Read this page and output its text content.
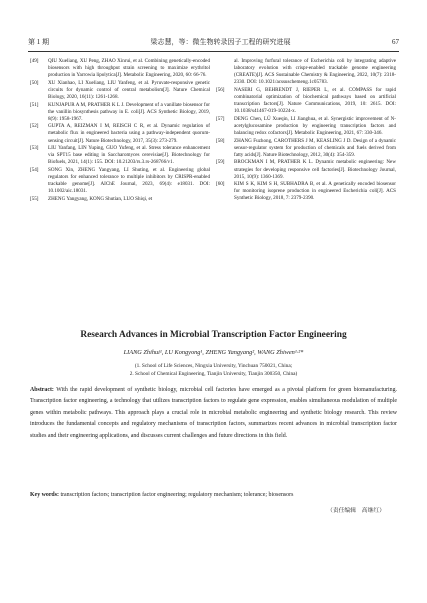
第 1 期	梁志慧，等：微生物转录因子工程的研究进展	67
[49]	QIU Xueliang, XU Peng, ZHAO Xinrui, et al. Combining genetically-encoded biosensors with high throughput strain screening to maximize erythritol production in Yarrowia lipolytica[J]. Metabolic Engineering, 2020, 60: 66-76.
[50]	XU Xianhao, LI Xueliang, LIU Yanfeng, et al. Pyruvate-responsive genetic circuits for dynamic control of central metabolism[J]. Nature Chemical Biology, 2020, 16(11): 1261-1268.
[51]	KUNJAPUR A M, PRATHER K L J. Development of a vanillate biosensor for the vanillin biosynthesis pathway in E. coli[J]. ACS Synthetic Biology, 2019, 8(9): 1958-1967.
[52]	GUPTA A, REIZMAN I M, REISCH C R, et al. Dynamic regulation of metabolic flux in engineered bacteria using a pathway-independent quorum-sensing circuit[J]. Nature Biotechnology, 2017, 35(3): 273-279.
[53]	LIU Yanfang, LIN Yuping, GUO Yufeng, et al. Stress tolerance enhancement via SPT15 base editing in Saccharomyces cerevisiae[J]. Biotechnology for Biofuels, 2021, 14(1): 155. DOI: 10.21203/rs.3.rs-268766/v1.
[54]	SONG Xin, ZHENG Yangyang, LI Shuting, et al. Engineering global regulators for enhanced tolerance to multiple inhibitors by CRISPR-enabled trackable genome[J]. AIChE Journal, 2023, 69(4): e18031. DOI: 10.1002/aic.18031.
[55]	ZHENG Yangyang, KONG Shutian, LUO Shiqi, et
al. Improving furfural tolerance of Escherichia coli by integrating adaptive laboratory evolution with crispr-enabled trackable genome engineering (CREATE)[J]. ACS Sustainable Chemistry & Engineering, 2022, 10(7): 2318-2330. DOI: 10.1021/acssuschemeng.1c05783.
[56]	NASERI G, BEHRENDT J, RIEPER L, et al. COMPASS for rapid combinatorial optimization of biochemical pathways based on artificial transcription factors[J]. Nature Communications, 2019, 10: 2615. DOI: 10.1038/s41467-019-10224-x.
[57]	DENG Chen, LÜ Xueqin, LI Jianghua, et al. Synergistic improvement of N-acetylglucosamine production by engineering transcription factors and balancing redox cofactors[J]. Metabolic Engineering, 2021, 67: 330-346.
[58]	ZHANG Fuzhong, CAROTHERS J M, KEASLING J D. Design of a dynamic sensor-regulator system for production of chemicals and fuels derived from fatty acids[J]. Nature Biotechnology, 2012, 30(4): 354-359.
[59]	BROCKMAN I M, PRATHER K L. Dynamic metabolic engineering: New strategies for developing responsive cell factories[J]. Biotechnology Journal, 2015, 10(9): 1360-1369.
[60]	KIM S K, KIM S H, SUBHADRA B, et al. A genetically encoded biosensor for monitoring isoprene production in engineered Escherichia coli[J]. ACS Synthetic Biology, 2018, 7: 2379-2390.
Research Advances in Microbial Transcription Factor Engineering
LIANG Zhihui¹, LU Kongyong¹, ZHENG Yangyang², WANG Zhiwen¹·²*
(1. School of Life Sciences, Ningxia University, Yinchuan 750021, China;
2. School of Chemical Engineering, Tianjin University, Tianjin 300350, China)
Abstract: With the rapid development of synthetic biology, microbial cell factories have emerged as a pivotal platform for green biomanufacturing. Transcription factor engineering, a technology that utilizes transcription factors to regulate gene expression, enables simultaneous modulation of multiple genes within metabolic pathways. This approach plays a crucial role in microbial metabolic engineering and synthetic biology research. This review introduces the fundamental concepts and regulatory mechanisms of transcription factors, summarizes recent advances in microbial transcription factor studies and their engineering applications, and discusses current challenges and future directions in this field.
Key words: transcription factors; transcription factor engineering; regulatory mechanism; tolerance; biosensors
（责任编辑　高继红）
